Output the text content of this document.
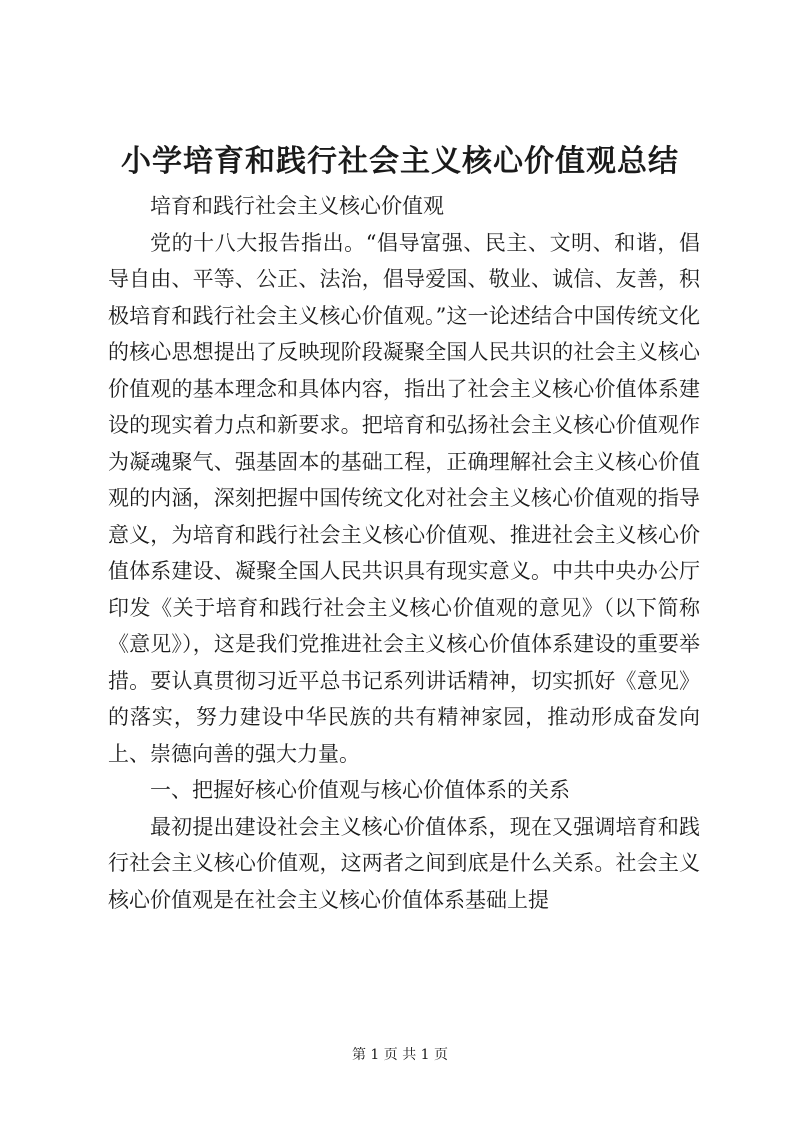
小学培育和践行社会主义核心价值观总结

培育和践行社会主义核心价值观

党的十八大报告指出。“倡导富强、民主、文明、和谐，倡导自由、平等、公正、法治，倡导爱国、敬业、诚信、友善，积极培育和践行社会主义核心价值观。”这一论述结合中国传统文化的核心思想提出了反映现阶段凝聚全国人民共识的社会主义核心价值观的基本理念和具体内容，指出了社会主义核心价值体系建设的现实着力点和新要求。把培育和弘扬社会主义核心价值观作为凝魂聚气、强基固本的基础工程，正确理解社会主义核心价值观的内涵，深刻把握中国传统文化对社会主义核心价值观的指导意义，为培育和践行社会主义核心价值观、推进社会主义核心价值体系建设、凝聚全国人民共识具有现实意义。中共中央办公厅印发《关于培育和践行社会主义核心价值观的意见》（以下简称《意见》），这是我们党推进社会主义核心价值体系建设的重要举措。要认真贯彻习近平总书记系列讲话精神，切实抓好《意见》的落实，努力建设中华民族的共有精神家园，推动形成奋发向上、崇德向善的强大力量。

一、把握好核心价值观与核心价值体系的关系

最初提出建设社会主义核心价值体系，现在又强调培育和践行社会主义核心价值观，这两者之间到底是什么关系。社会主义核心价值观是在社会主义核心价值体系基础上提

第 1 页 共 1 页
